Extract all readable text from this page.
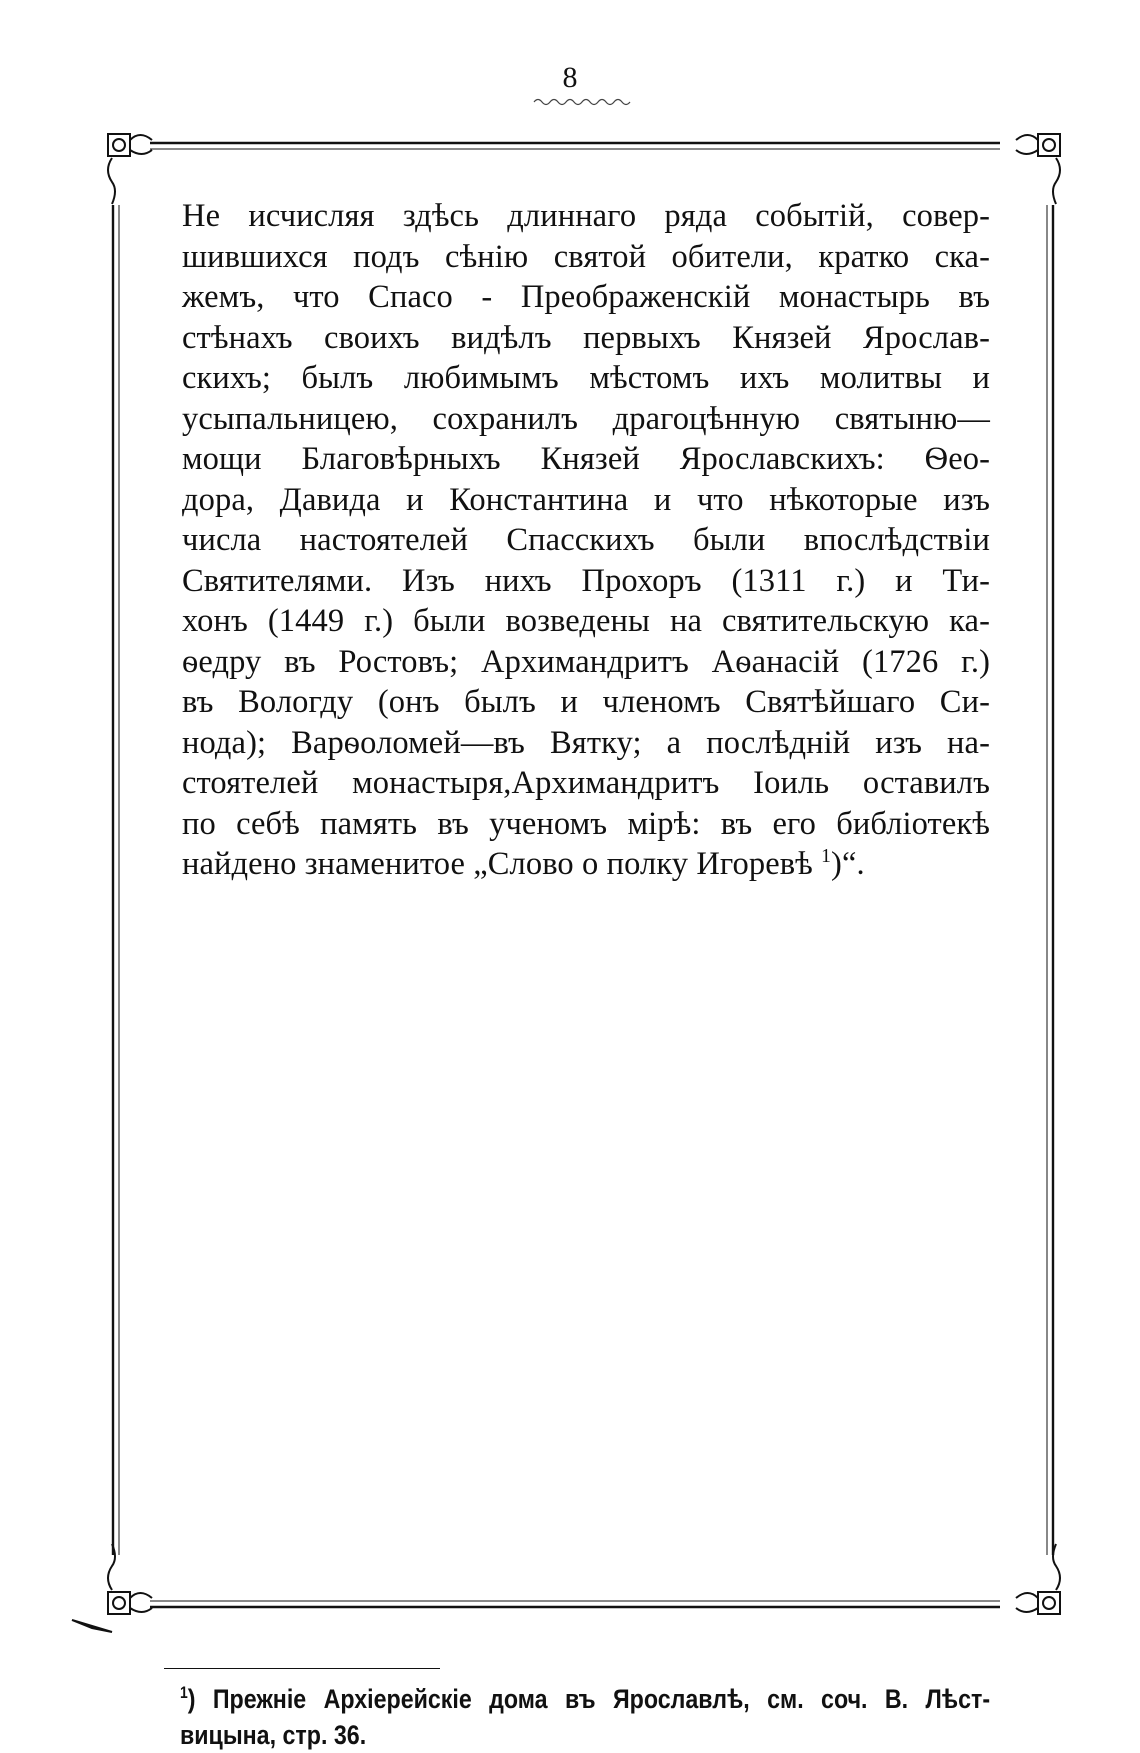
8
Не исчисляя здѣсь длиннаго ряда событій, совер-
шившихся подъ сѣнію святой обители, кратко ска-
жемъ, что Спасо - Преображенскій монастырь въ
стѣнахъ своихъ видѣлъ первыхъ Князей Ярослав-
скихъ; былъ любимымъ мѣстомъ ихъ молитвы и
усыпальницею, сохранилъ драгоцѣнную святыню—
мощи Благовѣрныхъ Князей Ярославскихъ: Ѳео-
дора, Давида и Константина и что нѣкоторые изъ
числа настоятелей Спасскихъ были впослѣдствіи
Святителями. Изъ нихъ Прохоръ (1311 г.) и Ти-
хонъ (1449 г.) были возведены на святительскую ка-
ѳедру въ Ростовъ; Архимандритъ Аѳанасій (1726 г.)
въ Вологду (онъ былъ и членомъ Святѣйшаго Си-
нода); Варѳоломей—въ Вятку; а послѣдній изъ на-
стоятелей монастыря,Архимандритъ Іоиль оставилъ
по себѣ память въ ученомъ мірѣ: въ его библіотекѣ
найдено знаменитое „Слово о полку Игоревѣ $^1$)“.
$^1$) Прежніе Архіерейскіе дома въ Ярославлѣ, см. соч. В. Лѣст-
вицына, стр. 36.
